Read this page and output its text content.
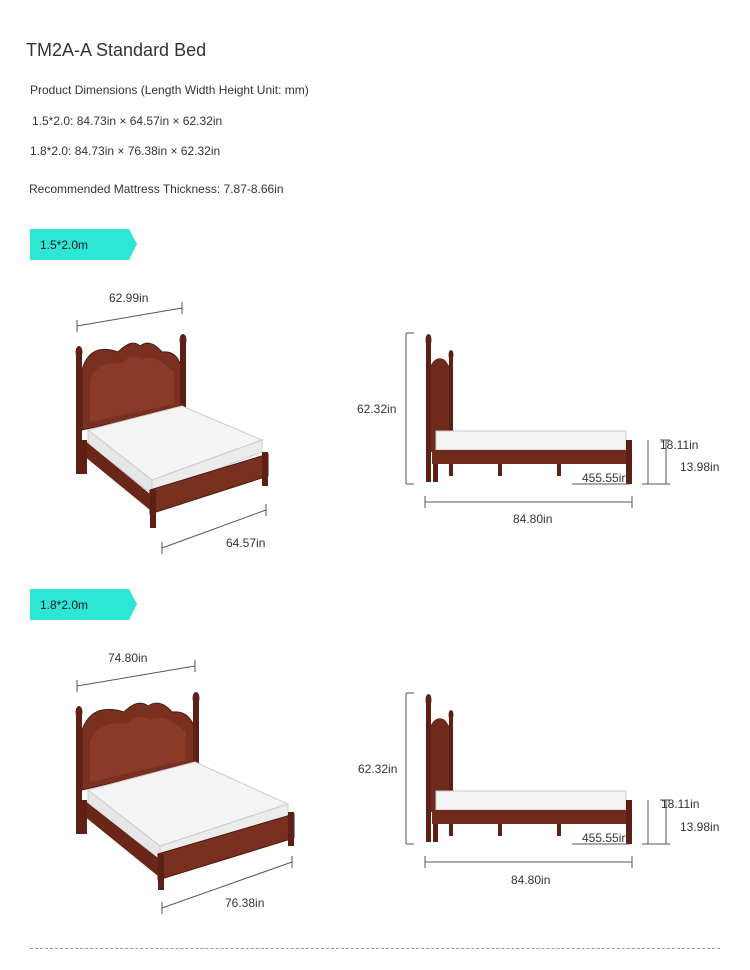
TM2A-A Standard Bed
Product Dimensions (Length Width Height Unit: mm)
1.5*2.0: 84.73in × 64.57in × 62.32in
1.8*2.0: 84.73in × 76.38in × 62.32in
Recommended Mattress Thickness: 7.87-8.66in
1.5*2.0m
62.99in
64.57in
62.32in
18.11in
13.98in
455.55in
84.80in
1.8*2.0m
74.80in
76.38in
62.32in
18.11in
13.98in
455.55in
84.80in
